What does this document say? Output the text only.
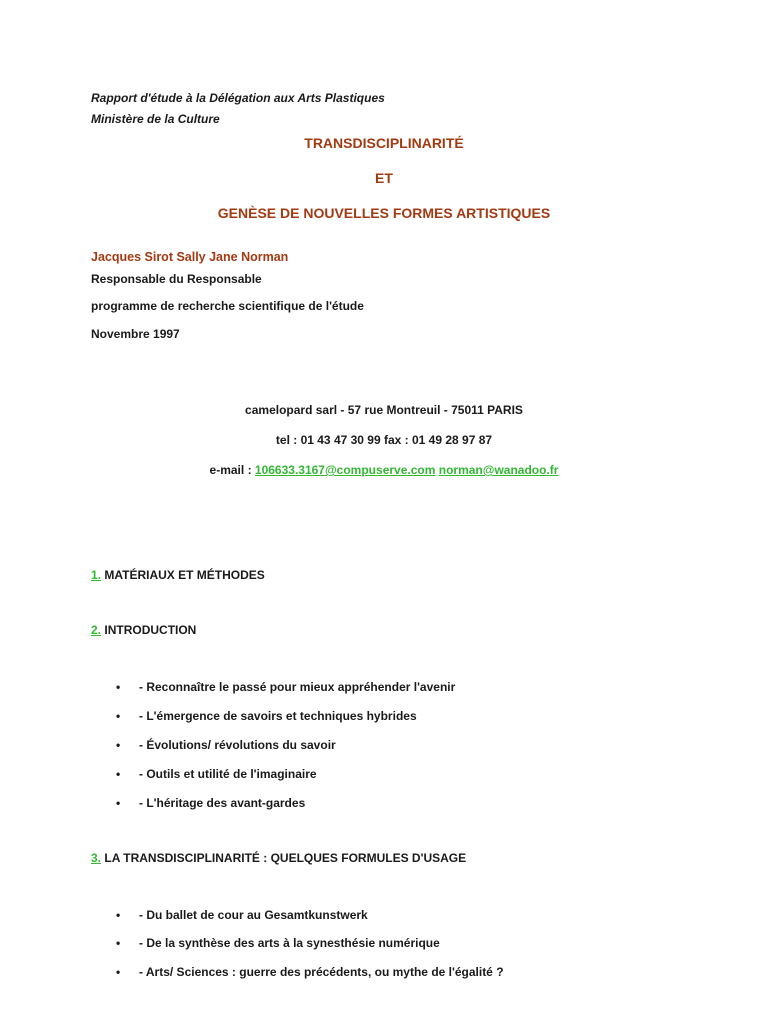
Rapport d'étude à la Délégation aux Arts Plastiques
Ministère de la Culture
TRANSDISCIPLINARITÉ
ET
GENÈSE DE NOUVELLES FORMES ARTISTIQUES
Jacques Sirot Sally Jane Norman
Responsable du Responsable
programme de recherche scientifique de l'étude
Novembre 1997
camelopard sarl - 57 rue Montreuil - 75011 PARIS
tel : 01 43 47 30 99 fax : 01 49 28 97 87
e-mail : 106633.3167@compuserve.com norman@wanadoo.fr
1. MATÉRIAUX ET MÉTHODES
2. INTRODUCTION
• - Reconnaître le passé pour mieux appréhender l'avenir
• - L'émergence de savoirs et techniques hybrides
• - Évolutions/ révolutions du savoir
• - Outils et utilité de l'imaginaire
• - L'héritage des avant-gardes
3. LA TRANSDISCIPLINARITÉ : QUELQUES FORMULES D'USAGE
• - Du ballet de cour au Gesamtkunstwerk
• - De la synthèse des arts à la synesthésie numérique
• - Arts/ Sciences : guerre des précédents, ou mythe de l'égalité ?
